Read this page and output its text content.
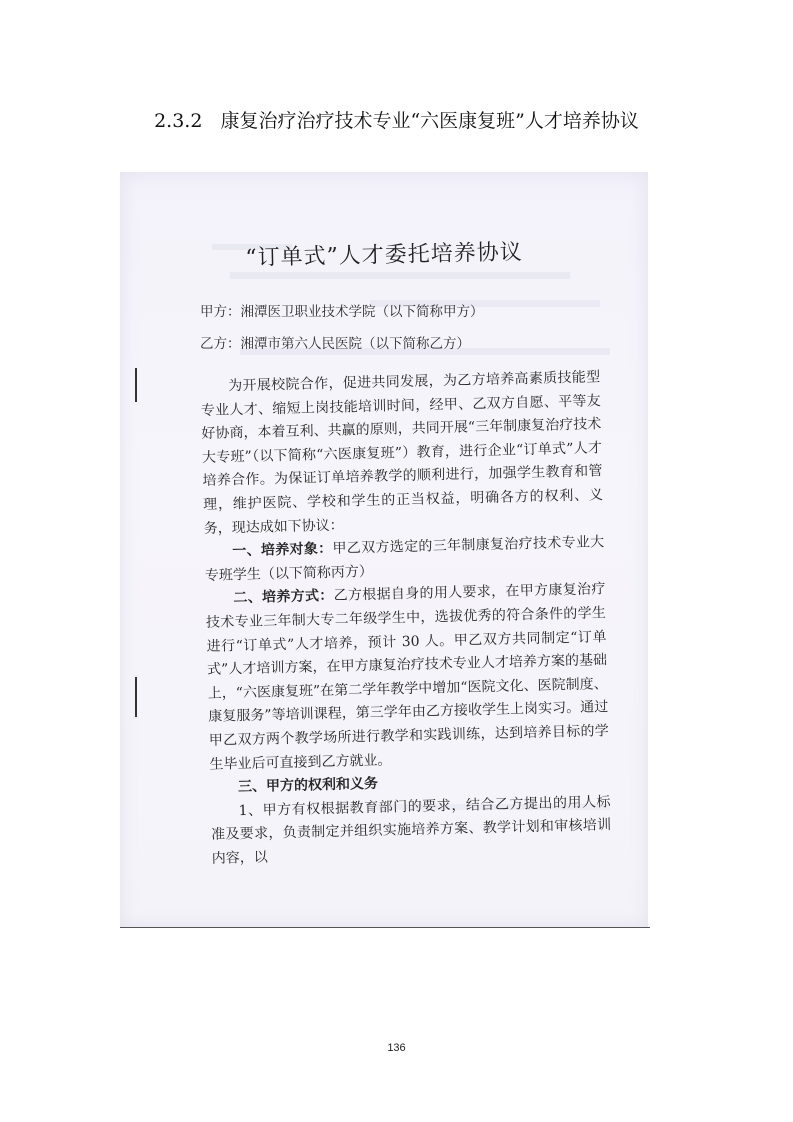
2.3.2 康复治疗治疗技术专业“六医康复班”人才培养协议
“订单式”人才委托培养协议
甲方：湘潭医卫职业技术学院（以下简称甲方）
乙方：湘潭市第六人民医院（以下简称乙方）

为开展校院合作，促进共同发展，为乙方培养高素质技能型专业人才、缩短上岗技能培训时间，经甲、乙双方自愿、平等友好协商，本着互利、共赢的原则，共同开展“三年制康复治疗技术大专班”（以下简称“六医康复班”）教育，进行企业“订单式”人才培养合作。为保证订单培养教学的顺利进行，加强学生教育和管理，维护医院、学校和学生的正当权益，明确各方的权利、义务，现达成如下协议：

一、培养对象：甲乙双方选定的三年制康复治疗技术专业大专班学生（以下简称丙方）

二、培养方式：乙方根据自身的用人要求，在甲方康复治疗技术专业三年制大专二年级学生中，选拔优秀的符合条件的学生进行“订单式”人才培养，预计 30 人。甲乙双方共同制定“订单式”人才培训方案，在甲方康复治疗技术专业人才培养方案的基础上，“六医康复班”在第二学年教学中增加“医院文化、医院制度、康复服务”等培训课程，第三学年由乙方接收学生上岗实习。通过甲乙双方两个教学场所进行教学和实践训练，达到培养目标的学生毕业后可直接到乙方就业。

三、甲方的权利和义务

1、甲方有权根据教育部门的要求，结合乙方提出的用人标准及要求，负责制定并组织实施培养方案、教学计划和审核培训内容，以

136
